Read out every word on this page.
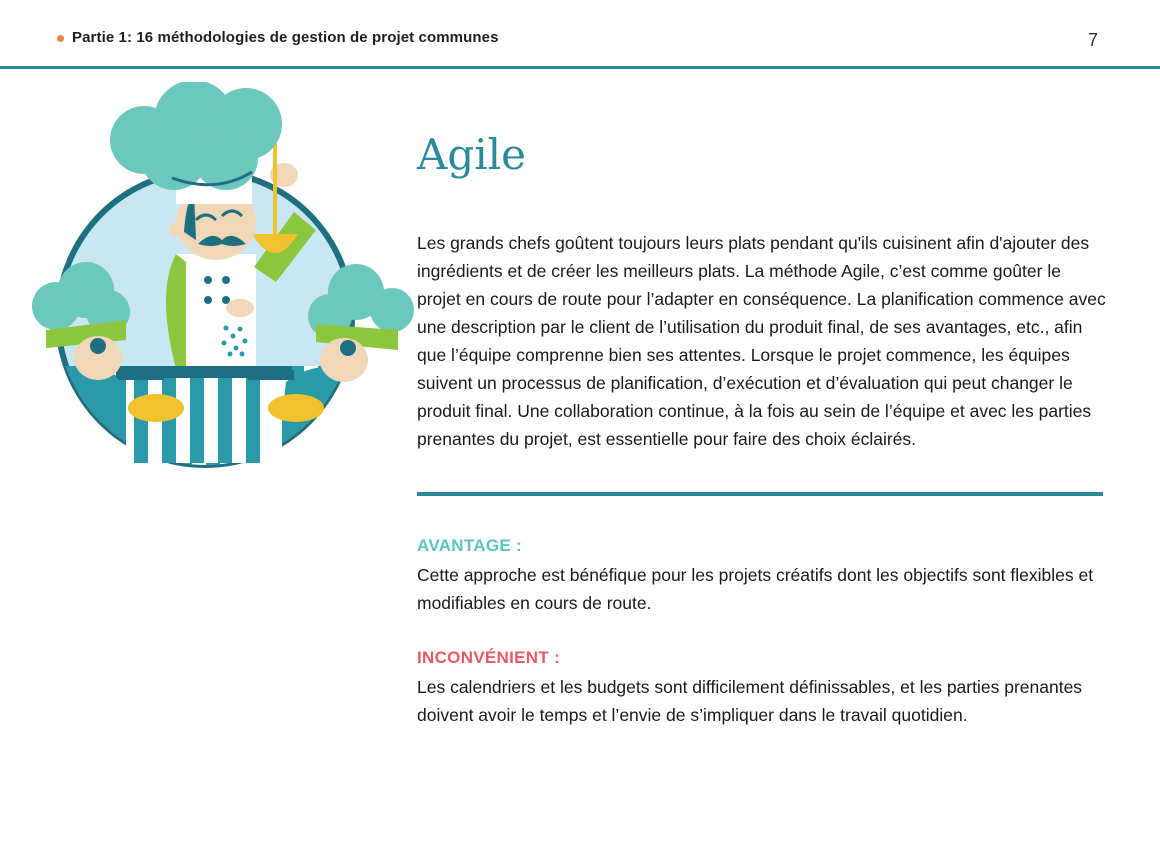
Partie 1: 16 méthodologies de gestion de projet communes	7
Agile

Les grands chefs goûtent toujours leurs plats pendant qu'ils cuisinent afin d'ajouter des ingrédients et de créer les meilleurs plats. La méthode Agile, c’est comme goûter le projet en cours de route pour l’adapter en conséquence. La planification commence avec une description par le client de l’utilisation du produit final, de ses avantages, etc., afin que l’équipe comprenne bien ses attentes. Lorsque le projet commence, les équipes suivent un processus de planification, d’exécution et d’évaluation qui peut changer le produit final. Une collaboration continue, à la fois au sein de l’équipe et avec les parties prenantes du projet, est essentielle pour faire des choix éclairés.

AVANTAGE :

Cette approche est bénéfique pour les projets créatifs dont les objectifs sont flexibles et modifiables en cours de route.

INCONVÉNIENT :

Les calendriers et les budgets sont difficilement définissables, et les parties prenantes doivent avoir le temps et l’envie de s’impliquer dans le travail quotidien.
